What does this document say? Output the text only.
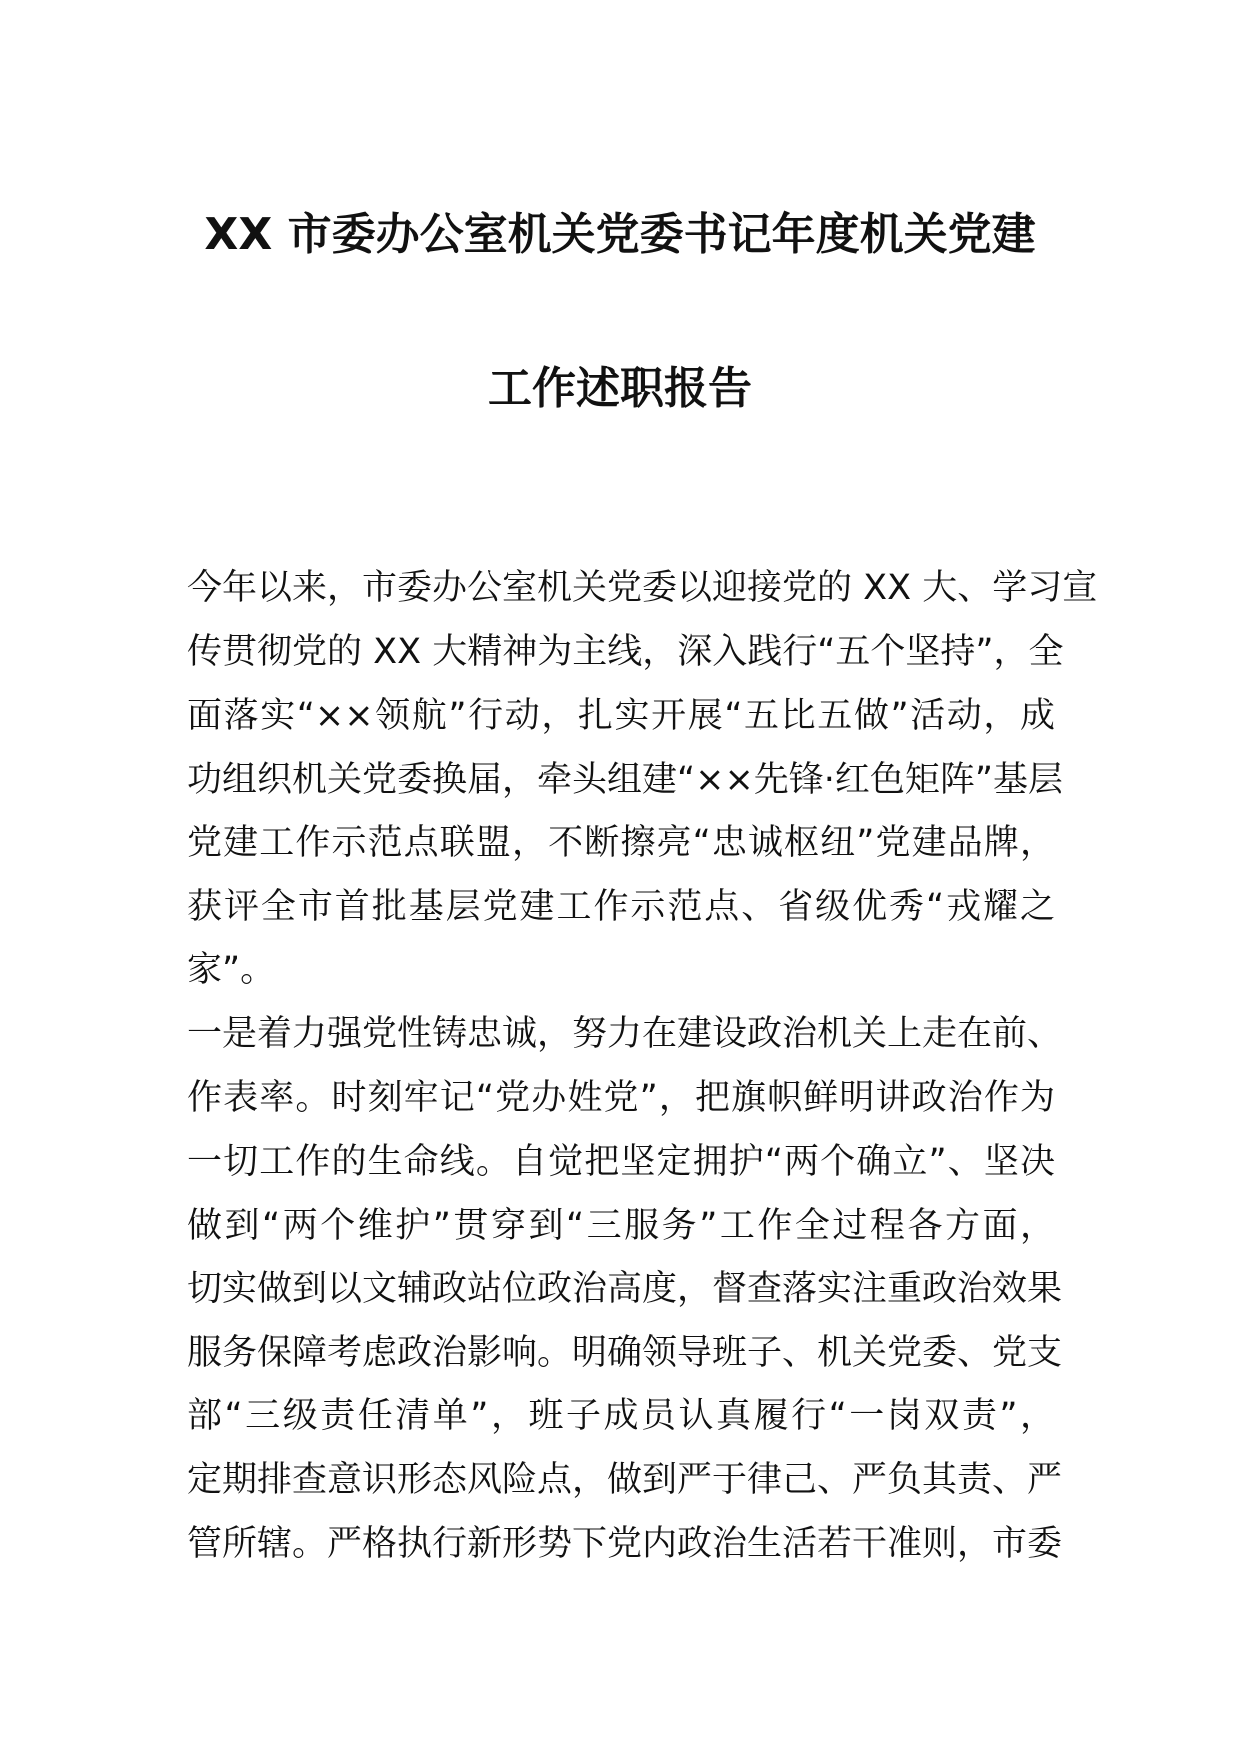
XX 市委办公室机关党委书记年度机关党建
工作述职报告
今年以来，市委办公室机关党委以迎接党的 XX 大、学习宣
传贯彻党的 XX 大精神为主线，深入践行“五个坚持”，全
面落实“××领航”行动，扎实开展“五比五做”活动，成
功组织机关党委换届，牵头组建“××先锋·红色矩阵”基层
党建工作示范点联盟，不断擦亮“忠诚枢纽”党建品牌，
获评全市首批基层党建工作示范点、省级优秀“戎耀之
家”。
一是着力强党性铸忠诚，努力在建设政治机关上走在前、
作表率。时刻牢记“党办姓党”，把旗帜鲜明讲政治作为
一切工作的生命线。自觉把坚定拥护“两个确立”、坚决
做到“两个维护”贯穿到“三服务”工作全过程各方面，
切实做到以文辅政站位政治高度，督查落实注重政治效果
服务保障考虑政治影响。明确领导班子、机关党委、党支
部“三级责任清单”，班子成员认真履行“一岗双责”，
定期排查意识形态风险点，做到严于律己、严负其责、严
管所辖。严格执行新形势下党内政治生活若干准则，市委
